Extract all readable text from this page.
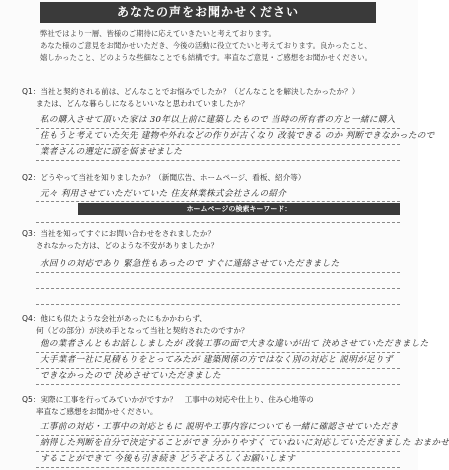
あなたの声をお聞かせください
弊社ではより一層、皆様のご期待に応えていきたいと考えております。
あなた様のご意見をお聞かせいただき、今後の活動に役立てたいと考えております。良かったこと、
嬉しかったこと、どのような些細なことでも結構です。率直なご意見・ご感想をお聞かせください。
Q1：当社と契約される前は、どんなことでお悩みでしたか？（どんなことを解決したかったか？）
または、どんな暮らしになるといいなと思われていましたか？
私の購入させて頂いた家は 30年以上前に建築したもので 当時の所有者の方と一緒に購入
住もうと考えていた矢先 建物や外れなどの作りが古くなり 改装できる のか 判断できなかったので
業者さんの選定に頭を悩ませました
Q2：どうやって当社を知りましたか？（新聞広告、ホームページ、看板、紹介等）
元々 利用させていただいていた 住友林業株式会社さんの紹介
ホームページの検索キーワード：
Q3：当社を知ってすぐにお問い合わせをされましたか？
されなかった方は、どのような不安がありましたか？
水回りの対応であり 緊急性もあったので すぐに連絡させていただきました
Q4：他にも似たような会社があったにもかかわらず、
何（どの部分）が決め手となって当社と契約されたのですか？
他の業者さんともお話ししましたが 改装工事の面で大きな違いが出て 決めさせていただきました
大手業者一社に見積もりをとってみたが 建築関係の方ではなく別の対応と 説明が足りず
できなかったので 決めさせていただきました
Q5：実際に工事を行ってみていかがですか？　工事中の対応や仕上り、住み心地等の
率直なご感想をお聞かせください。
工事前の対応・工事中の対応ともに 説明や工事内容についても一緒に確認させていただき
納得した判断を自分で決定することができ 分かりやすく ていねいに対応していただきました おまかせ
することができて 今後も引き続き どうぞよろしくお願いします
